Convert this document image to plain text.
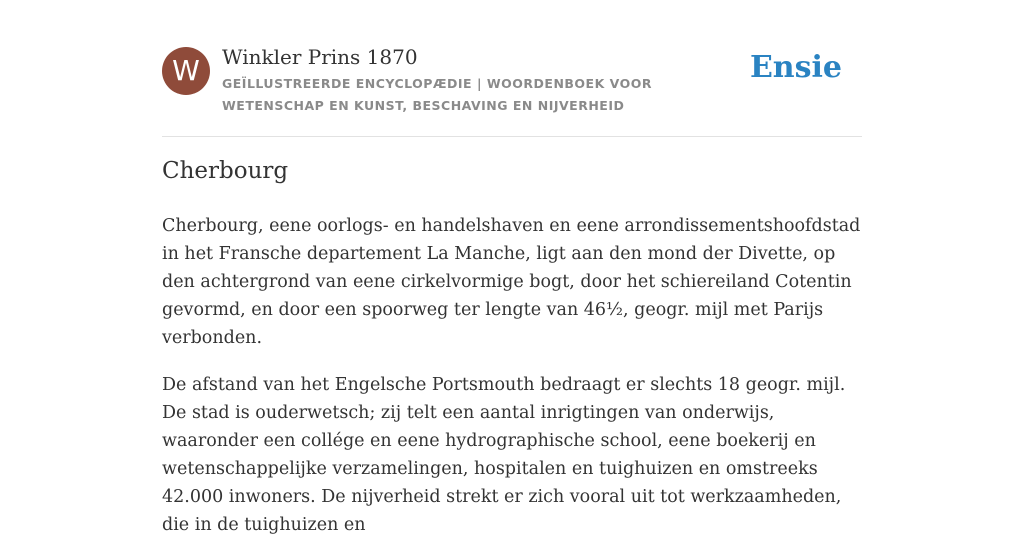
W	Winkler Prins 1870
GEÏLLUSTREERDE ENCYCLOPÆDIE | WOORDENBOEK VOOR WETENSCHAP EN KUNST, BESCHAVING EN NIJVERHEID
Ensie
Cherbourg

Cherbourg, eene oorlogs- en handelshaven en eene arrondissementshoofdstad in het Fransche departement La Manche, ligt aan den mond der Divette, op den achtergrond van eene cirkelvormige bogt, door het schiereiland Cotentin gevormd, en door een spoorweg ter lengte van 46½, geogr. mijl met Parijs verbonden.

De afstand van het Engelsche Portsmouth bedraagt er slechts 18 geogr. mijl. De stad is ouderwetsch; zij telt een aantal inrigtingen van onderwijs, waaronder een collége en eene hydrographische school, eene boekerij en wetenschappelijke verzamelingen, hospitalen en tuighuizen en omstreeks 42.000 inwoners. De nijverheid strekt er zich vooral uit tot werkzaamheden, die in de tuighuizen en
